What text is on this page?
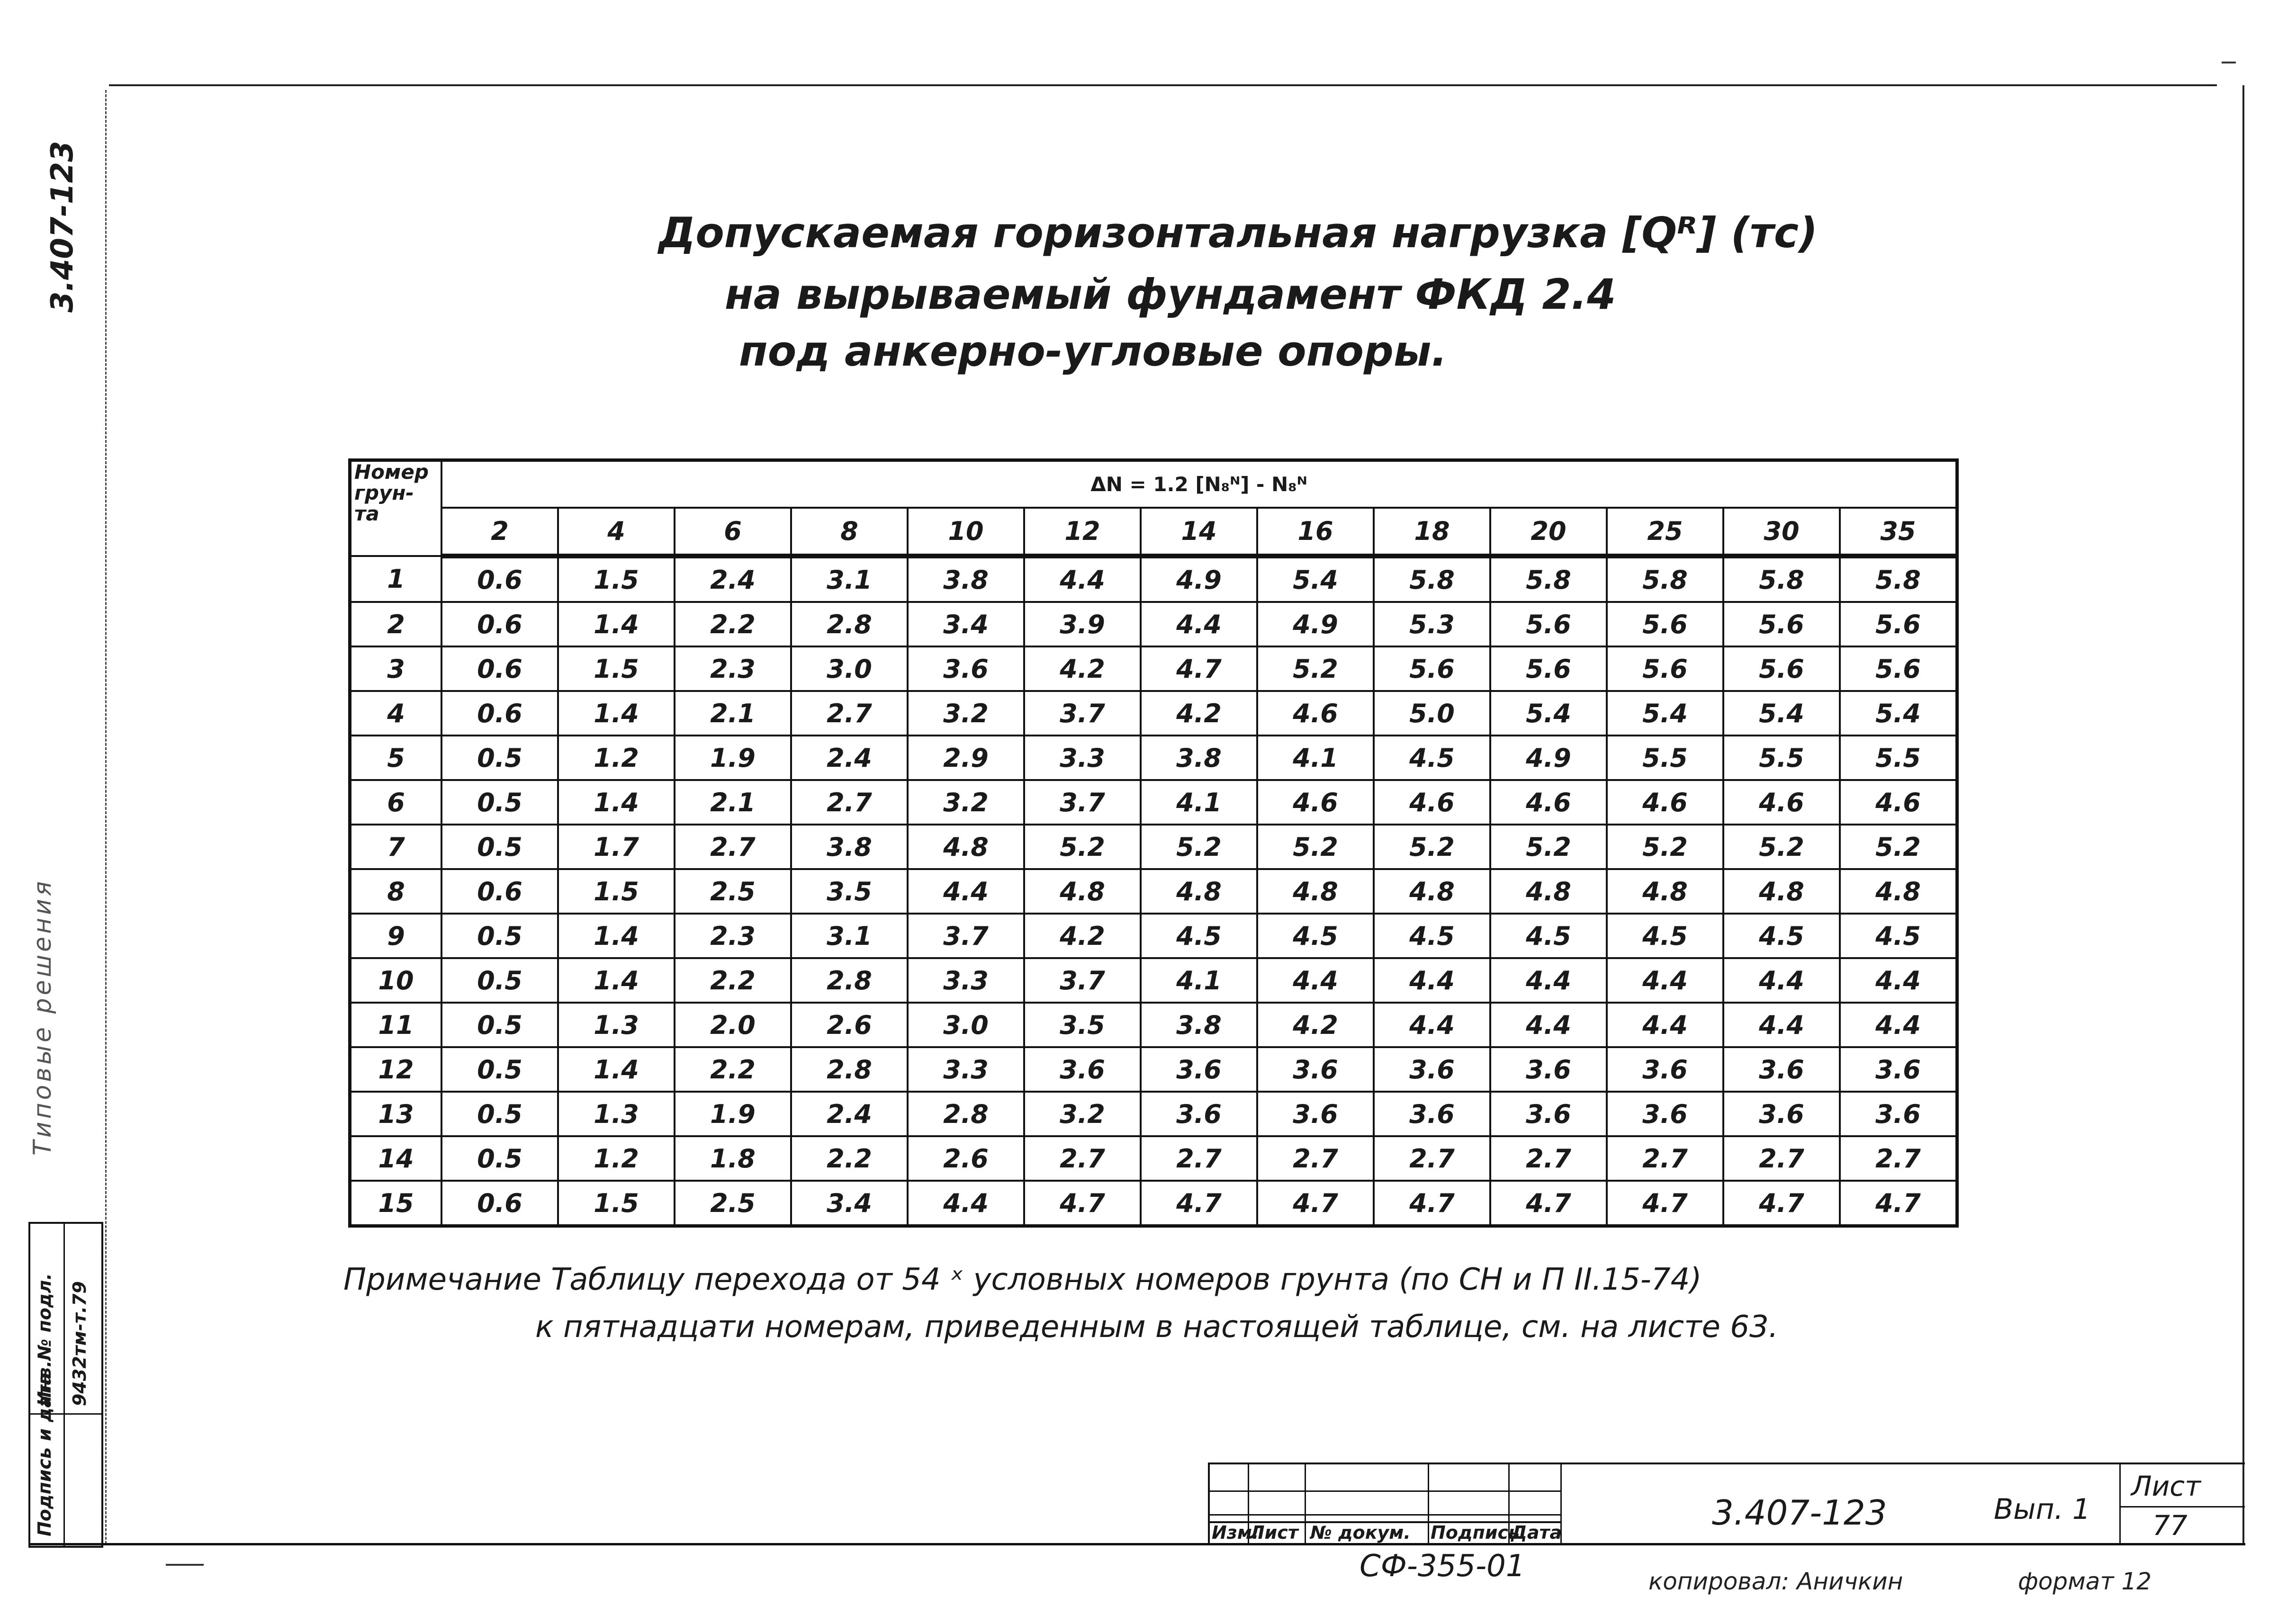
3.407-123
Типовые решения
Инв.№ подл. 9432тм-т.79
Подпись и дата
Допускаемая горизонтальная нагрузка [Qᴿ] (тс)
на вырываемый фундамент ФКД 2.4
под анкерно-угловые опоры.
Номер грун- та	ΔN = 1.2 [N₈ᴺ] - N₈ᴺ												
	2	4	6	8	10	12	14	16	18	20	25	30	35
1	0.6	1.5	2.4	3.1	3.8	4.4	4.9	5.4	5.8	5.8	5.8	5.8	5.8
2	0.6	1.4	2.2	2.8	3.4	3.9	4.4	4.9	5.3	5.6	5.6	5.6	5.6
3	0.6	1.5	2.3	3.0	3.6	4.2	4.7	5.2	5.6	5.6	5.6	5.6	5.6
4	0.6	1.4	2.1	2.7	3.2	3.7	4.2	4.6	5.0	5.4	5.4	5.4	5.4
5	0.5	1.2	1.9	2.4	2.9	3.3	3.8	4.1	4.5	4.9	5.5	5.5	5.5
6	0.5	1.4	2.1	2.7	3.2	3.7	4.1	4.6	4.6	4.6	4.6	4.6	4.6
7	0.5	1.7	2.7	3.8	4.8	5.2	5.2	5.2	5.2	5.2	5.2	5.2	5.2
8	0.6	1.5	2.5	3.5	4.4	4.8	4.8	4.8	4.8	4.8	4.8	4.8	4.8
9	0.5	1.4	2.3	3.1	3.7	4.2	4.5	4.5	4.5	4.5	4.5	4.5	4.5
10	0.5	1.4	2.2	2.8	3.3	3.7	4.1	4.4	4.4	4.4	4.4	4.4	4.4
11	0.5	1.3	2.0	2.6	3.0	3.5	3.8	4.2	4.4	4.4	4.4	4.4	4.4
12	0.5	1.4	2.2	2.8	3.3	3.6	3.6	3.6	3.6	3.6	3.6	3.6	3.6
13	0.5	1.3	1.9	2.4	2.8	3.2	3.6	3.6	3.6	3.6	3.6	3.6	3.6
14	0.5	1.2	1.8	2.2	2.6	2.7	2.7	2.7	2.7	2.7	2.7	2.7	2.7
15	0.6	1.5	2.5	3.4	4.4	4.7	4.7	4.7	4.7	4.7	4.7	4.7	4.7
Примечание Таблицу перехода от 54 ˣ условных номеров грунта (по СН и П II.15-74)
к пятнадцати номерам, приведенным в настоящей таблице, см. на листе 63.
Изм.
Лист № докум. Подпись
Дата	3.407-123	Вып. 1
Лист
77
СФ-355-01	копировал: Аничкин	формат 12
